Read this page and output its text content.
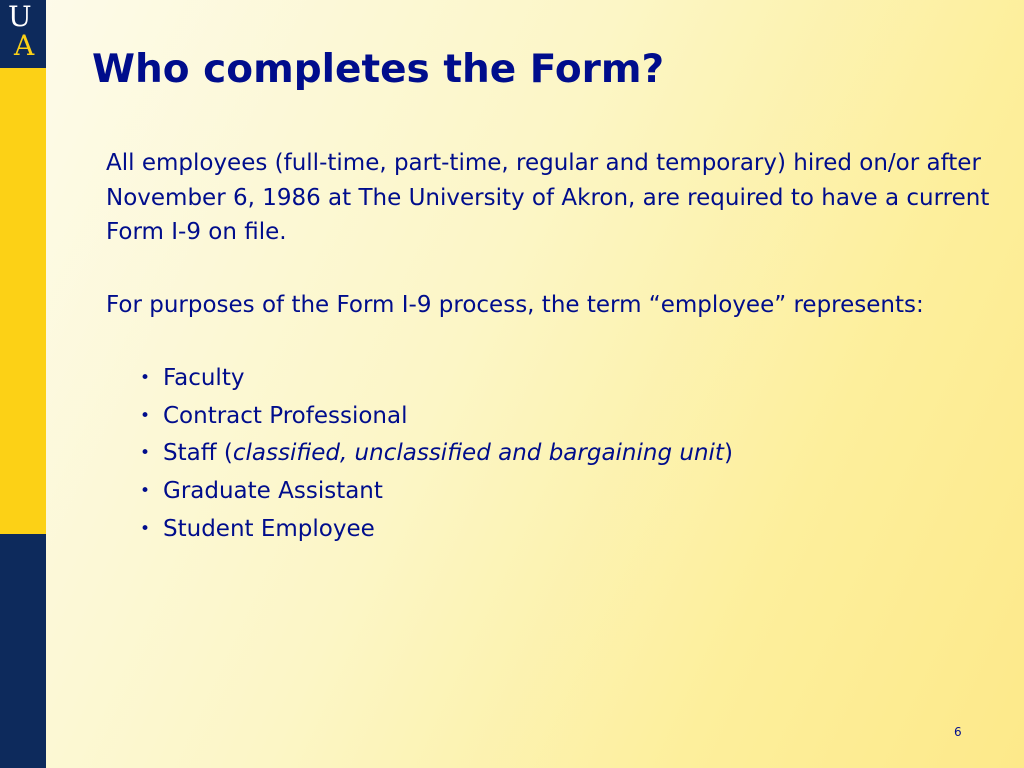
U
A
Who completes the Form?

All employees (full-time, part-time, regular and temporary) hired on/or after November 6, 1986 at The University of Akron, are required to have a current Form I-9 on file.

For purposes of the Form I-9 process, the term “employee” represents:

• Faculty
• Contract Professional
• Staff (classified, unclassified and bargaining unit)
• Graduate Assistant
• Student Employee
6
